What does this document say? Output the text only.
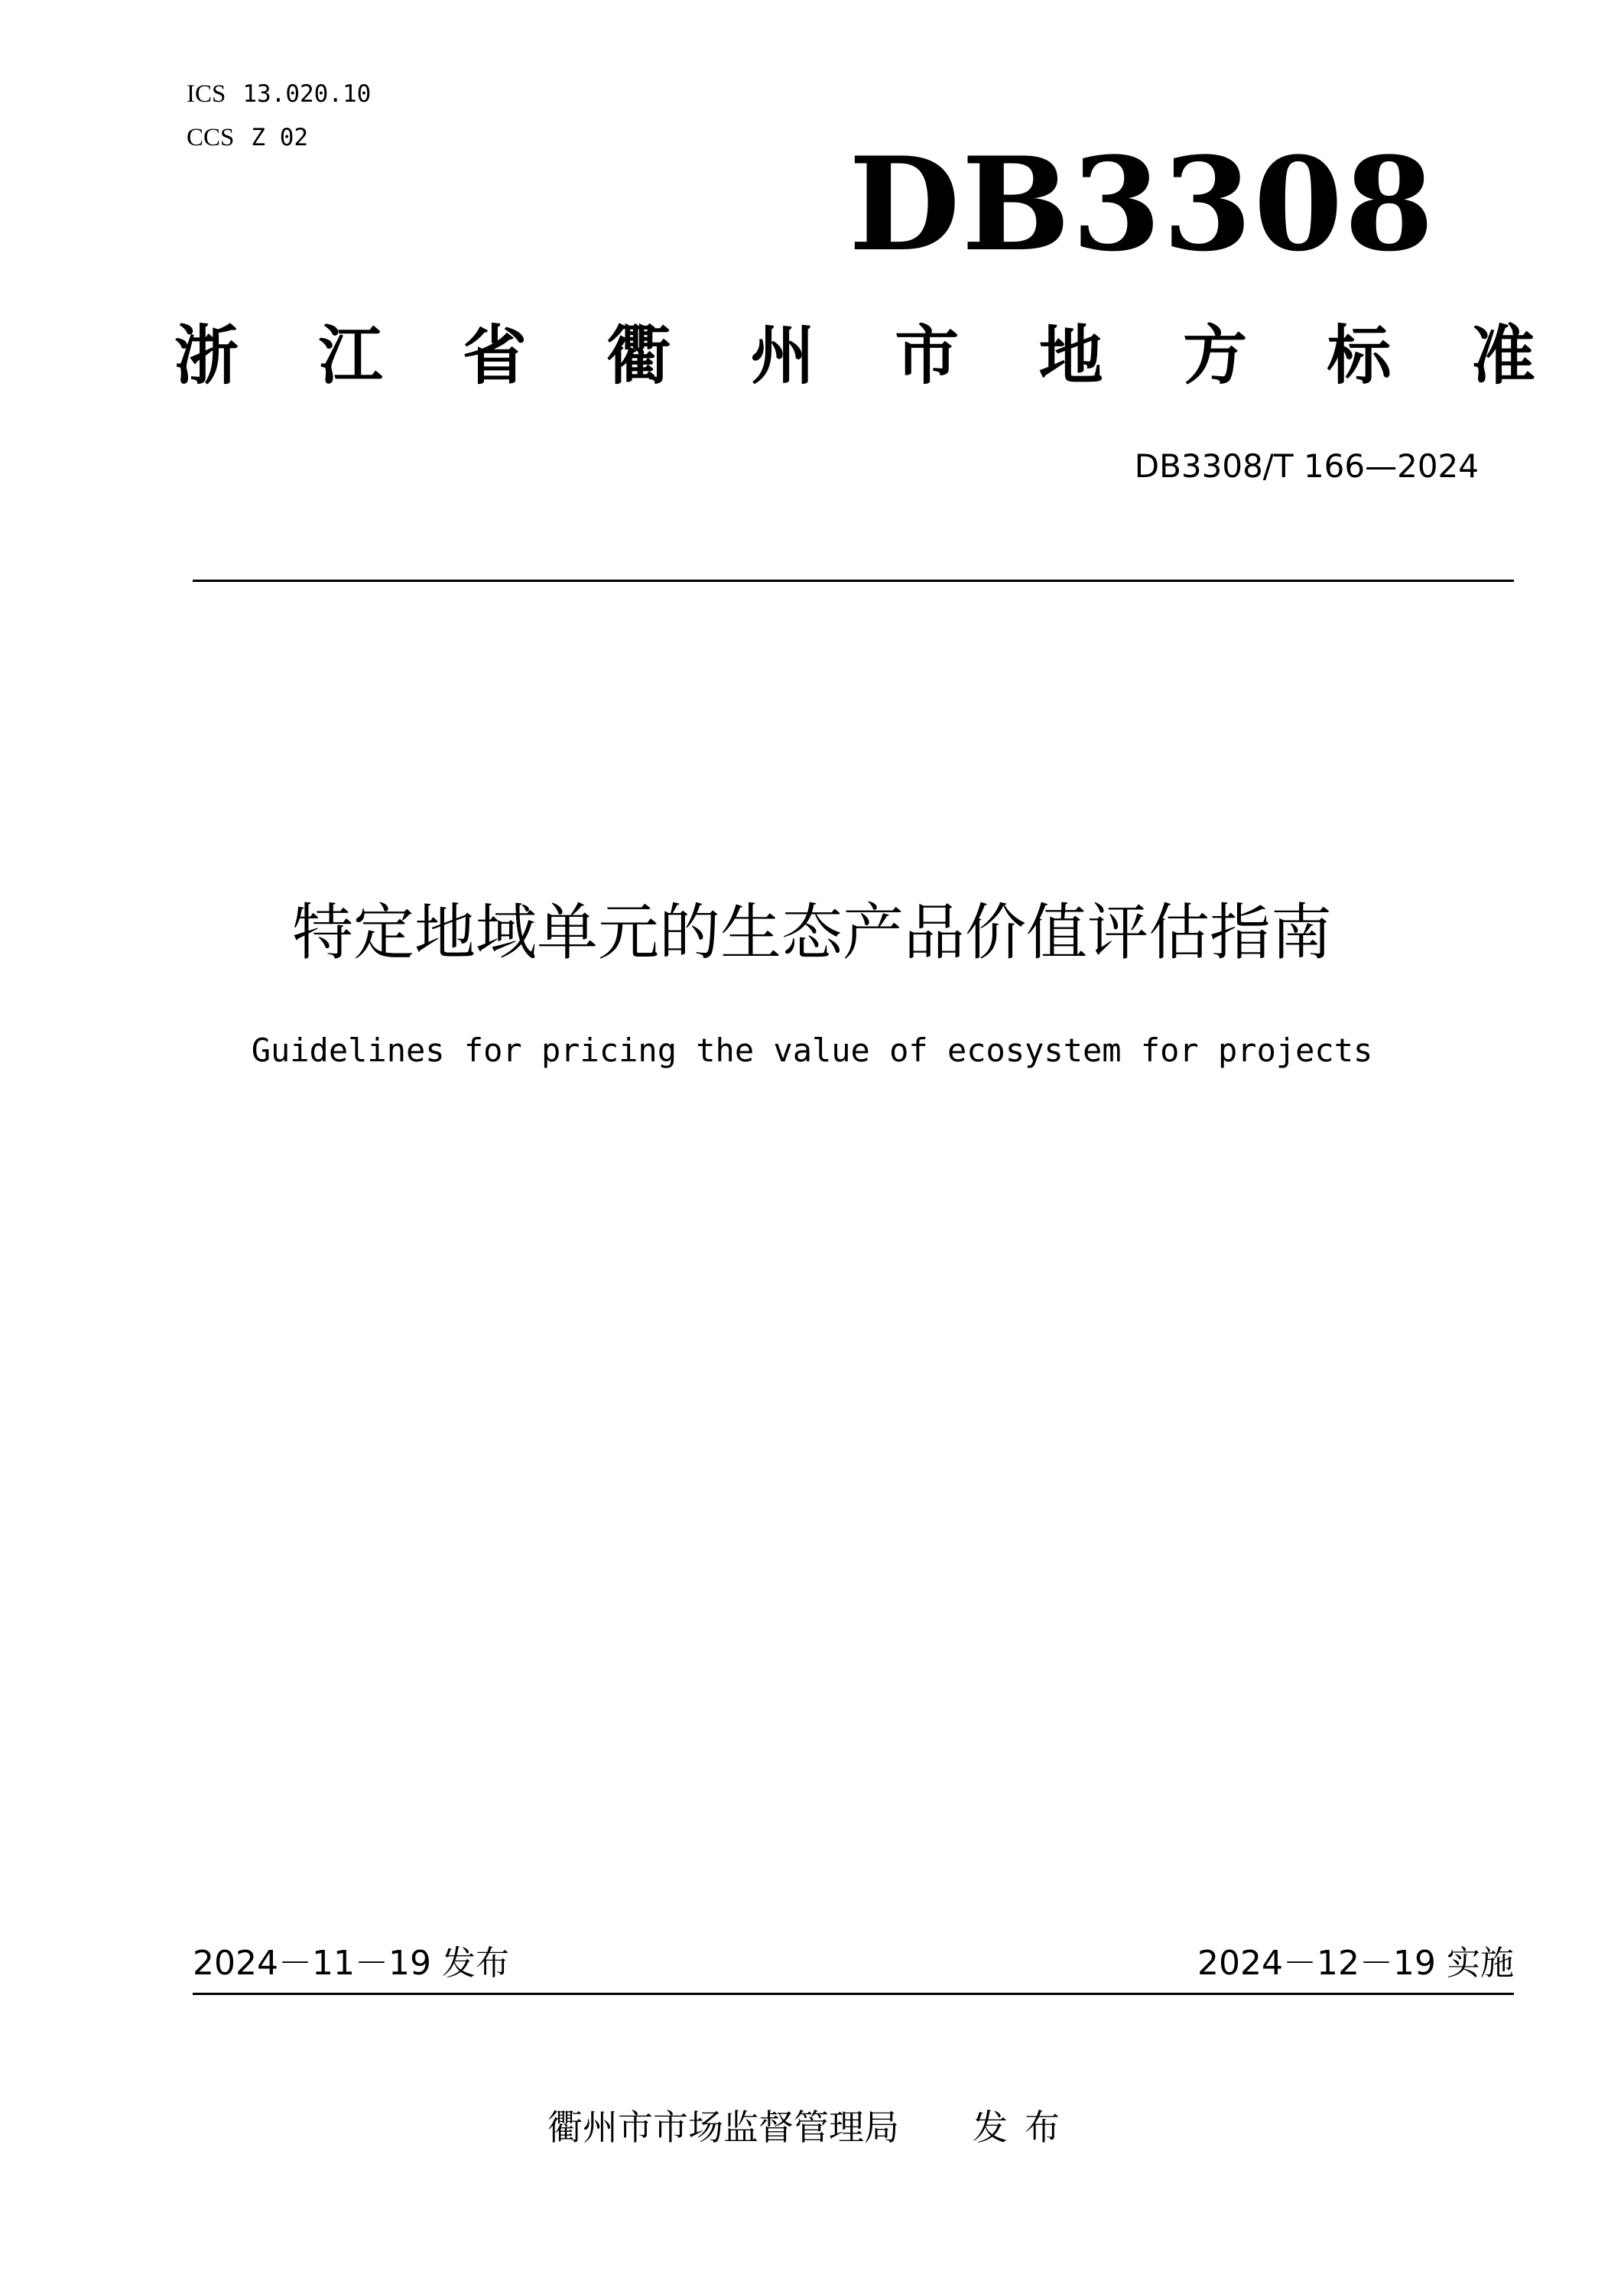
ICS 13.020.10
CCS Z 02	DB3308
浙 江 省 衢 州 市 地 方 标 准
DB3308/T 166—2024
特定地域单元的生态产品价值评估指南
Guidelines for pricing the value of ecosystem for projects
2024－11－19 发布	2024－12－19 实施
衢州市市场监督管理局 发布
